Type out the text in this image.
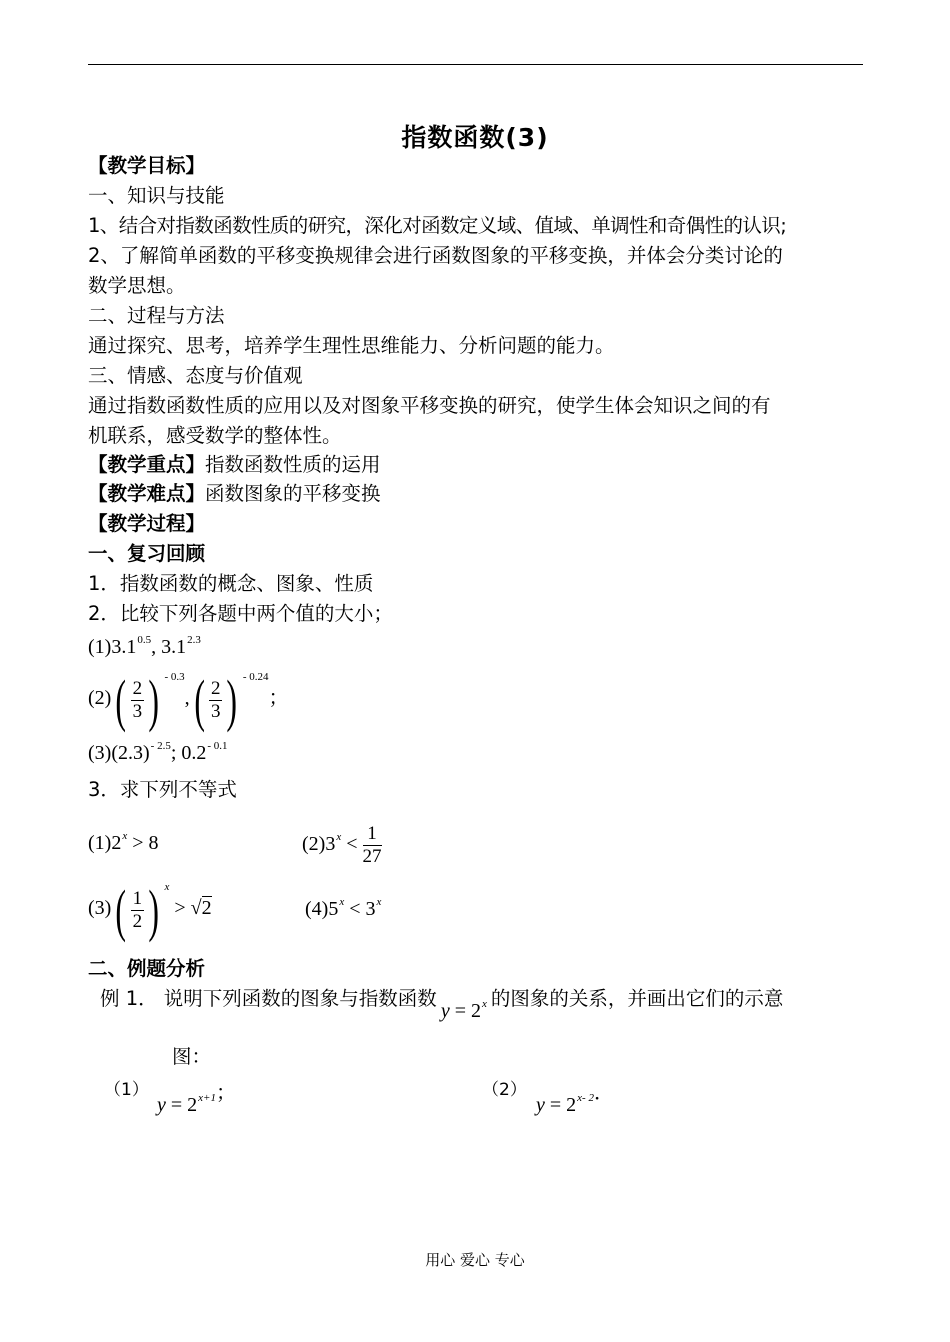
指数函数(3)
【教学目标】
一、知识与技能
1、结合对指数函数性质的研究，深化对函数定义域、值域、单调性和奇偶性的认识;
2、了解简单函数的平移变换规律会进行函数图象的平移变换，并体会分类讨论的
数学思想。
二、过程与方法
通过探究、思考，培养学生理性思维能力、分析问题的能力。
三、情感、态度与价值观
通过指数函数性质的应用以及对图象平移变换的研究，使学生体会知识之间的有
机联系，感受数学的整体性。
【教学重点】指数函数性质的运用
【教学难点】函数图象的平移变换
【教学过程】
一、复习回顾
1．指数函数的概念、图象、性质
2．比较下列各题中两个值的大小；
$(1)3.1^{0.5}$, $3.1^{2.3}$
$(2)( \frac{2}{3}$ ) $^{- 0.3},( \frac{2}{3}$ ) $^{- 0.24}$；
$(3)(2.3)^{- 2.5}$; $0.2^{- 0.1}$
3．求下列不等式
$(1)2^x > 8$	$(2)3^x < \frac{1}{27}$
$(3)( \frac{1}{2}$ ) $^x$ > √2	$(4)5^x < 3^x$
二、例题分析
例 1． 说明下列函数的图象与指数函数$y = 2^x$ 的图象的关系，并画出它们的示意
图：
（1）
$y = 2^{x+1}$；	（2）
$y = 2^{x- 2}$．
用心 爱心 专心
